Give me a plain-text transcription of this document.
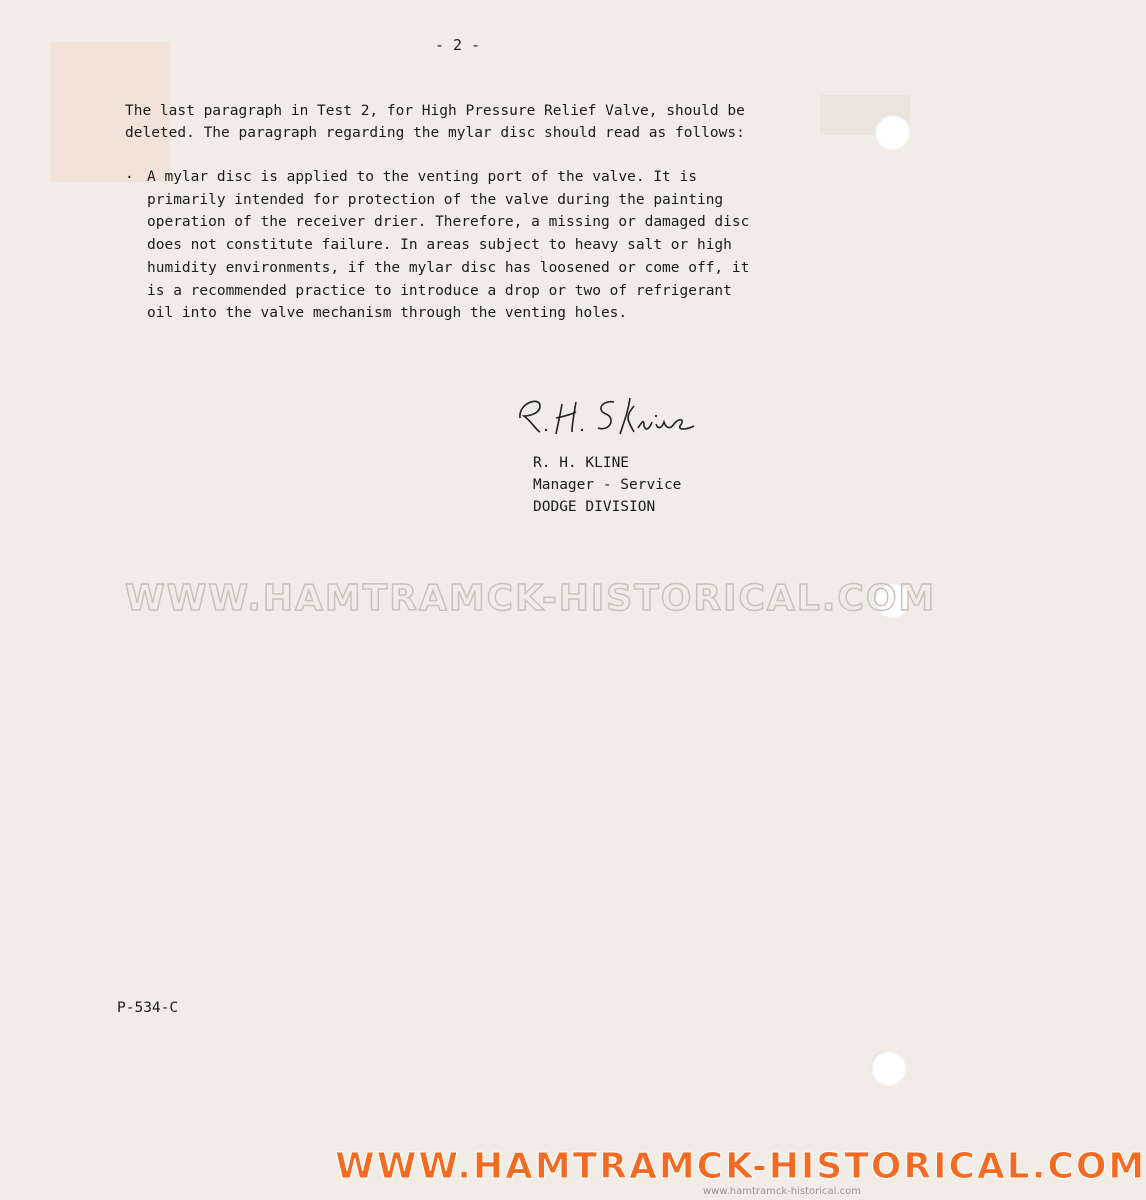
- 2 -

The last paragraph in Test 2, for High Pressure Relief Valve, should be deleted. The paragraph regarding the mylar disc should read as follows:

. A mylar disc is applied to the venting port of the valve. It is primarily intended for protection of the valve during the painting operation of the receiver drier. Therefore, a missing or damaged disc does not constitute failure. In areas subject to heavy salt or high humidity environments, if the mylar disc has loosened or come off, it is a recommended practice to introduce a drop or two of refrigerant oil into the valve mechanism through the venting holes.

R. H. KLINE
Manager - Service
DODGE DIVISION
P-534-C
WWW.HAMTRAMCK-HISTORICAL.COM
WWW.HAMTRAMCK-HISTORICAL.COM
www.hamtramck-historical.com
